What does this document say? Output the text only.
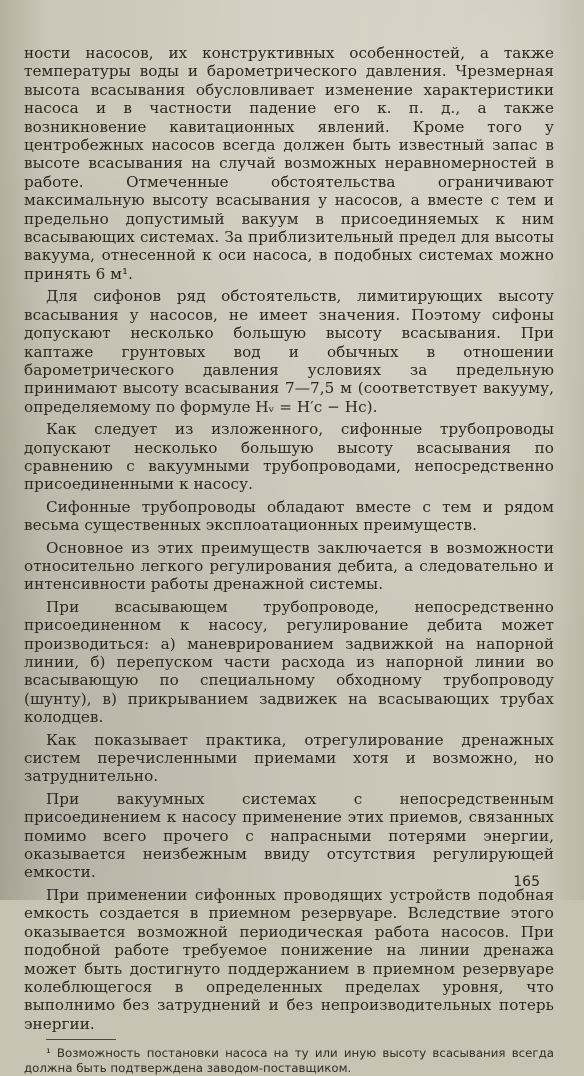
ности насосов, их конструктивных особенностей, а также температуры воды и барометрического давления. Чрезмерная высота всасывания обусловливает изменение характеристики насоса и в частности падение его к. п. д., а также возникновение кавитационных явлений. Кроме того у центробежных насосов всегда должен быть известный запас в высоте всасывания на случай возможных неравномерностей в работе. Отмеченные обстоятельства ограничивают максимальную высоту всасывания у насосов, а вместе с тем и предельно допустимый вакуум в присоединяемых к ним всасывающих системах. За приблизительный предел для высоты вакуума, отнесенной к оси насоса, в подобных системах можно принять 6 м¹.

Для сифонов ряд обстоятельств, лимитирующих высоту всасывания у насосов, не имеет значения. Поэтому сифоны допускают несколько большую высоту всасывания. При каптаже грунтовых вод и обычных в отношении барометрического давления условиях за предельную принимают высоту всасывания 7—7,5 м (соответствует вакууму, определяемому по формуле Hᵥ = H′с − Hс).

Как следует из изложенного, сифонные трубопроводы допускают несколько большую высоту всасывания по сравнению с вакуумными трубопроводами, непосредственно присоединенными к насосу.

Сифонные трубопроводы обладают вместе с тем и рядом весьма существенных эксплоатационных преимуществ.

Основное из этих преимуществ заключается в возможности относительно легкого регулирования дебита, а следовательно и интенсивности работы дренажной системы.

При всасывающем трубопроводе, непосредственно присоединенном к насосу, регулирование дебита может производиться: а) маневрированием задвижкой на напорной линии, б) перепуском части расхода из напорной линии во всасывающую по специальному обходному трубопроводу (шунту), в) прикрыванием задвижек на всасывающих трубах колодцев.

Как показывает практика, отрегулирование дренажных систем перечисленными приемами хотя и возможно, но затруднительно.

При вакуумных системах с непосредственным присоединением к насосу применение этих приемов, связанных помимо всего прочего с напрасными потерями энергии, оказывается неизбежным ввиду отсутствия регулирующей емкости.

При применении сифонных проводящих устройств подобная емкость создается в приемном резервуаре. Вследствие этого оказывается возможной периодическая работа насосов. При подобной работе требуемое понижение на линии дренажа может быть достигнуто поддержанием в приемном резервуаре колеблющегося в определенных пределах уровня, что выполнимо без затруднений и без непроизводительных потерь энергии.

¹ Возможность постановки насоса на ту или иную высоту всасывания всегда должна быть подтверждена заводом-поставщиком.

165
